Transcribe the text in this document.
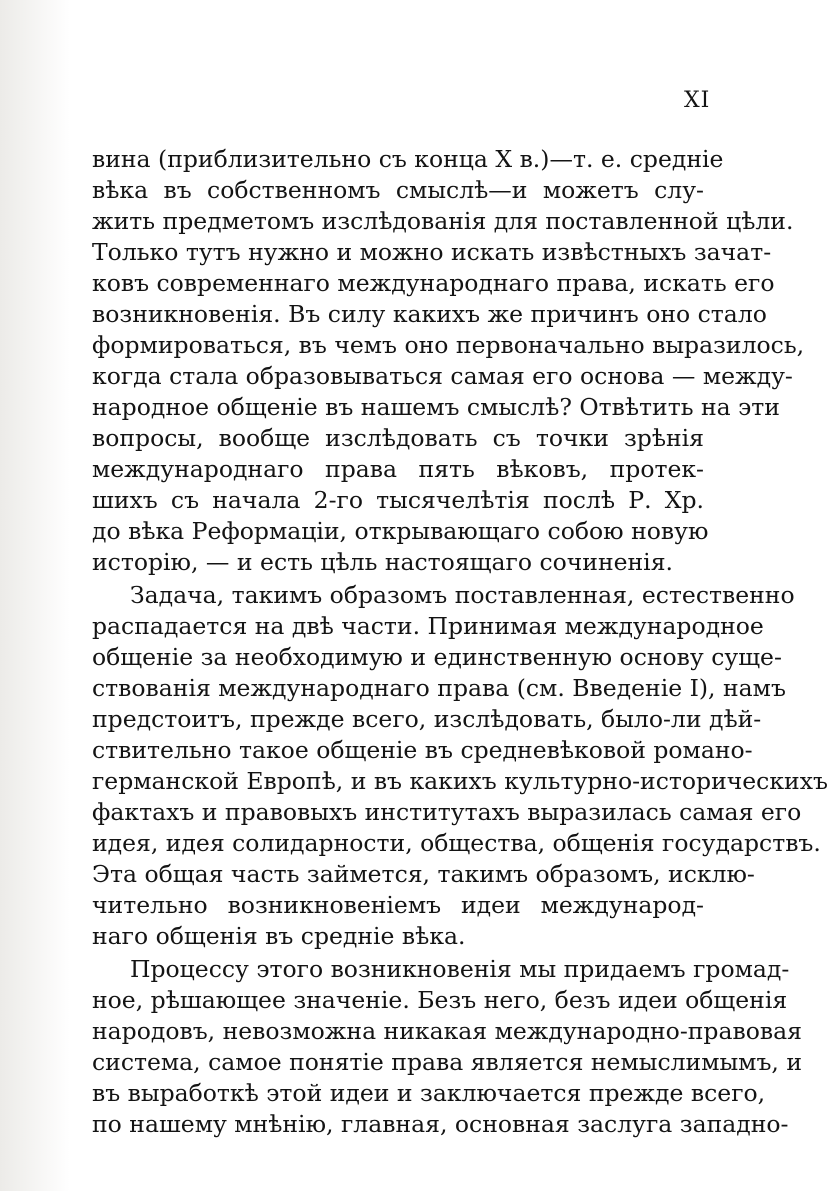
XI
вина (приблизительно съ конца X в.)—т. е. средніе
вѣка въ собственномъ смыслѣ—и можетъ слу-
жить предметомъ изслѣдованія для поставленной цѣли.
Только тутъ нужно и можно искать извѣстныхъ зачат-
ковъ современнаго международнаго права, искать его
возникновенія. Въ силу какихъ же причинъ оно стало
формироваться, въ чемъ оно первоначально выразилось,
когда стала образовываться самая его основа — между-
народное общеніе въ нашемъ смыслѣ? Отвѣтить на эти
вопросы, вообще изслѣдовать съ точки зрѣнія
международнаго права пять вѣковъ, протек-
шихъ съ начала 2-го тысячелѣтія послѣ Р. Хр.
до вѣка Реформаціи, открывающаго собою новую
исторію, — и есть цѣль настоящаго сочиненія.
Задача, такимъ образомъ поставленная, естественно
распадается на двѣ части. Принимая международное
общеніе за необходимую и единственную основу суще-
ствованія международнаго права (см. Введеніе I), намъ
предстоитъ, прежде всего, изслѣдовать, было-ли дѣй-
ствительно такое общеніе въ средневѣковой романо-
германской Европѣ, и въ какихъ культурно-историческихъ
фактахъ и правовыхъ институтахъ выразилась самая его
идея, идея солидарности, общества, общенія государствъ.
Эта общая часть займется, такимъ образомъ, исклю-
чительно возникновеніемъ идеи международ-
наго общенія въ средніе вѣка.
Процессу этого возникновенія мы придаемъ громад-
ное, рѣшающее значеніе. Безъ него, безъ идеи общенія
народовъ, невозможна никакая международно-правовая
система, самое понятіе права является немыслимымъ, и
въ выработкѣ этой идеи и заключается прежде всего,
по нашему мнѣнію, главная, основная заслуга западно-
